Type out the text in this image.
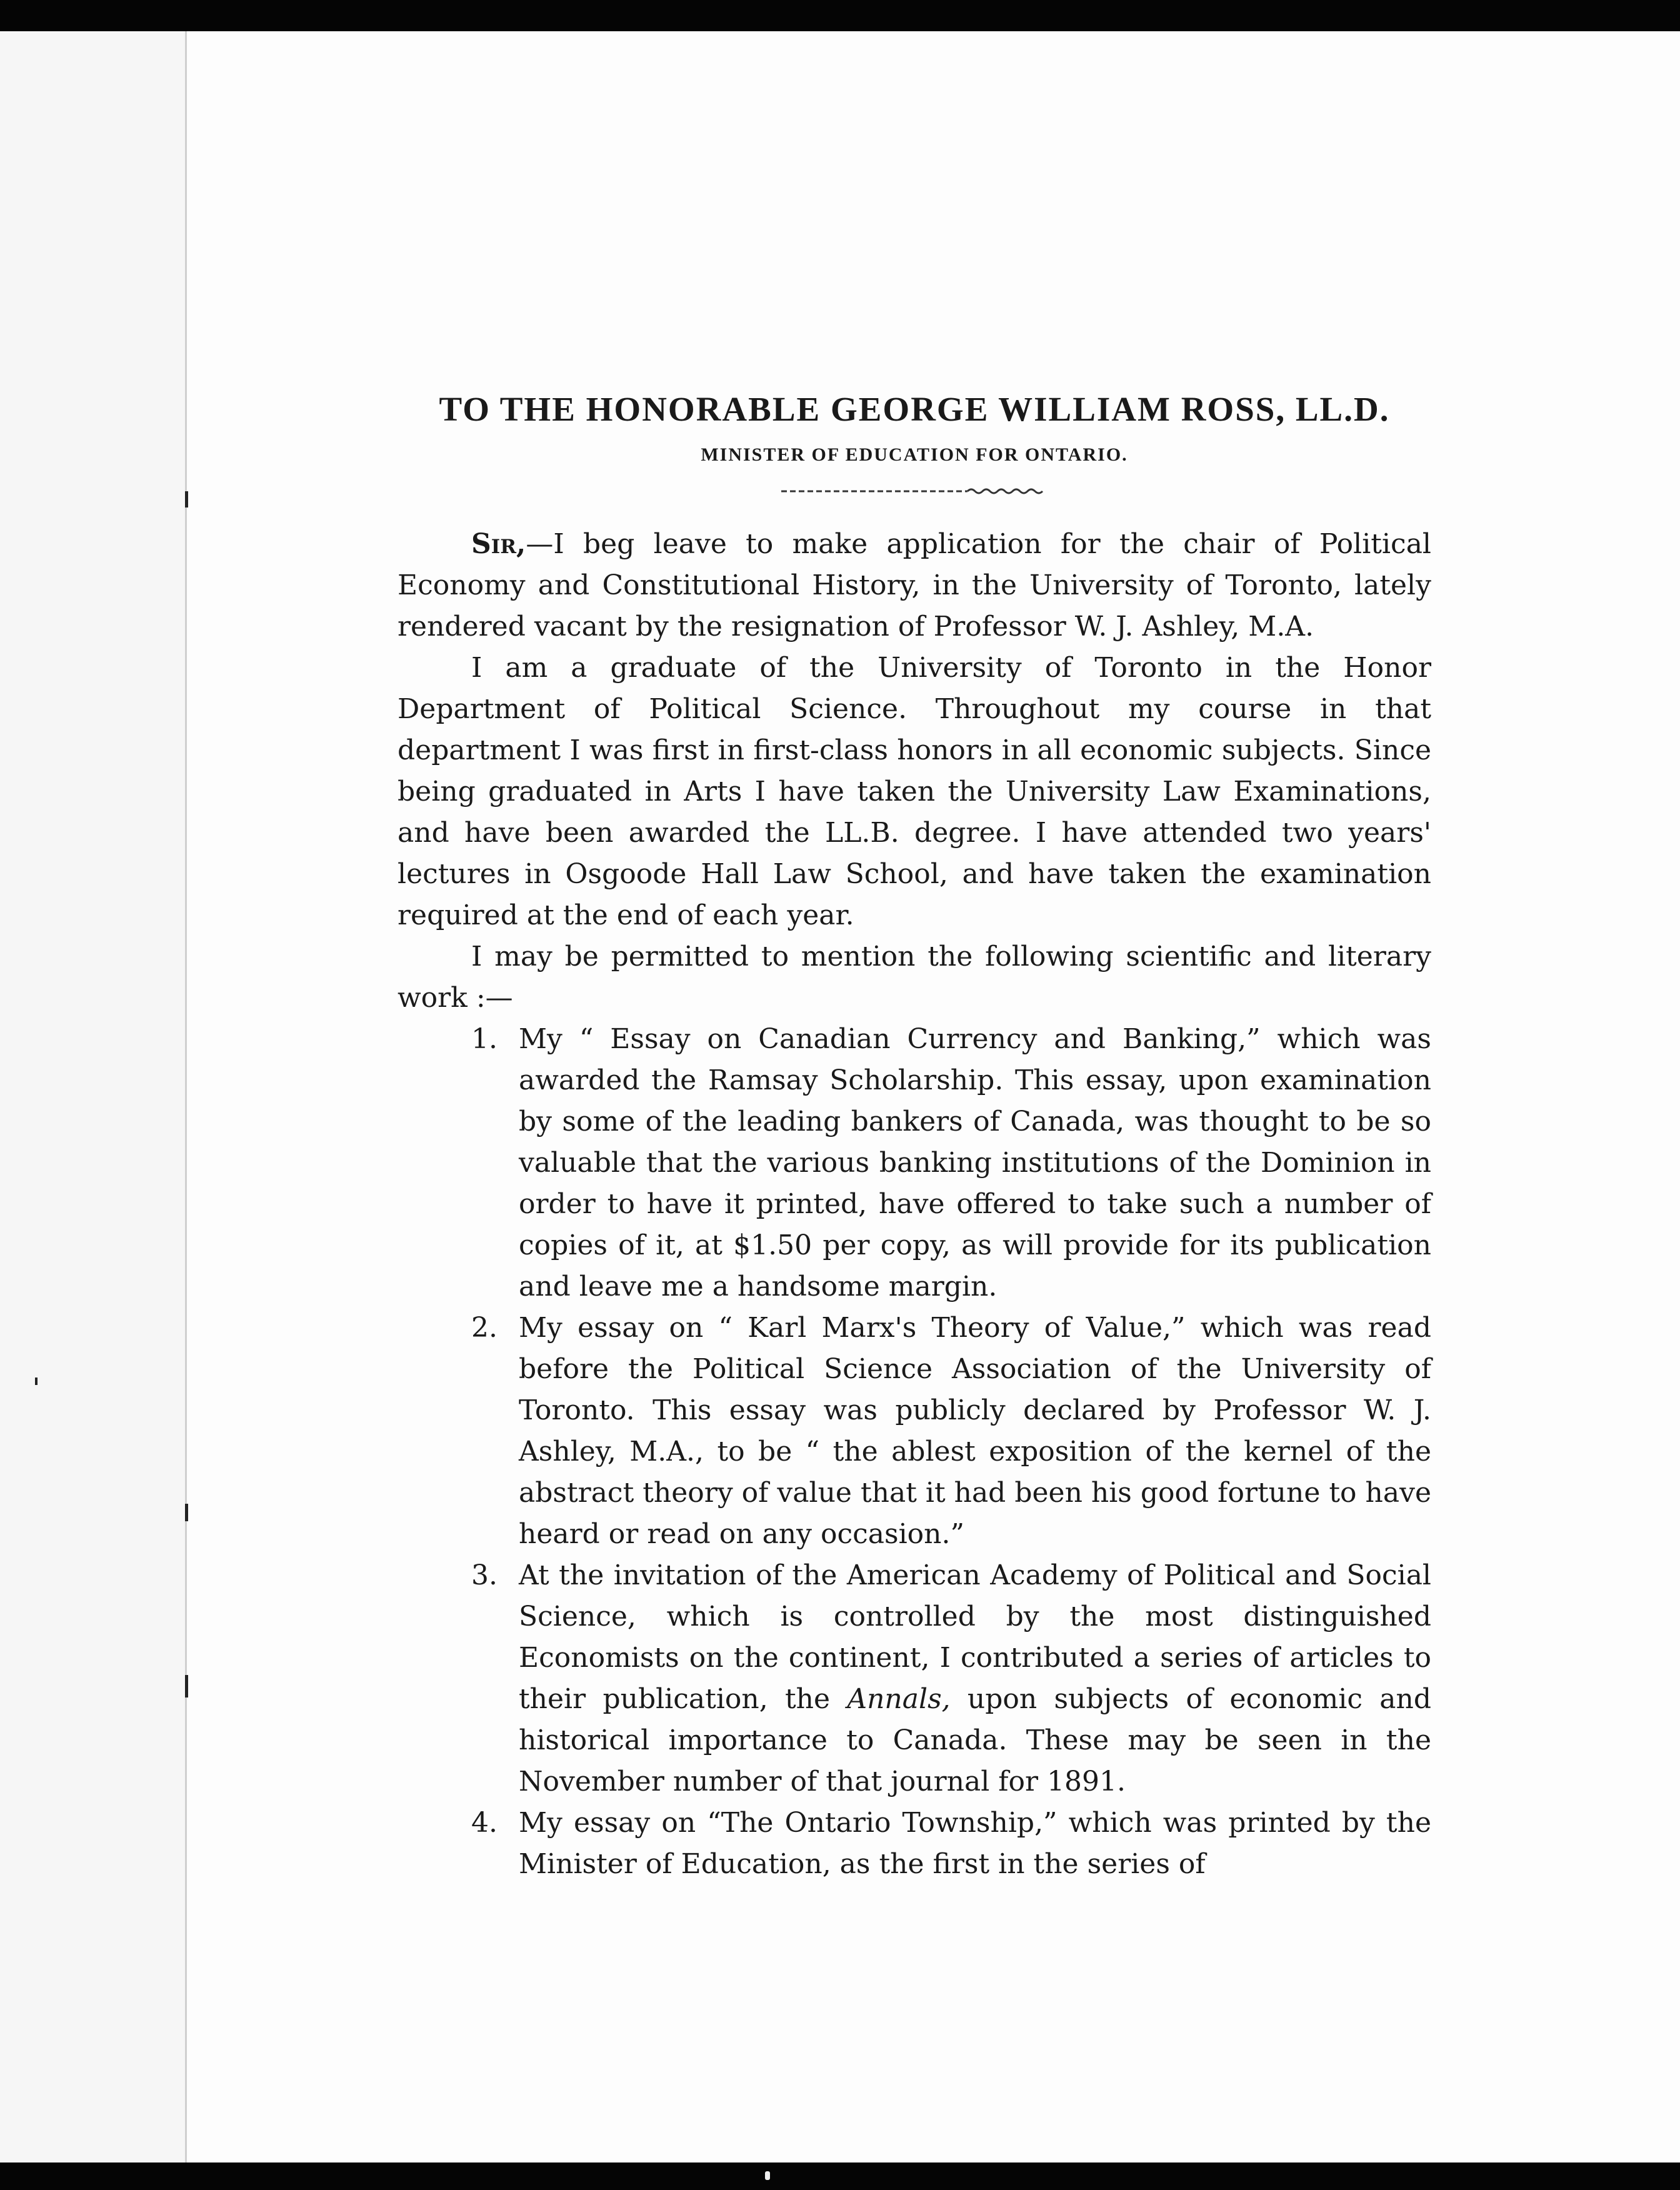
TO THE HONORABLE GEORGE WILLIAM ROSS, LL.D.

MINISTER OF EDUCATION FOR ONTARIO.

Sir,—I beg leave to make application for the chair of Political Economy and Constitutional History, in the University of Toronto, lately rendered vacant by the resignation of Professor W. J. Ashley, M.A.

I am a graduate of the University of Toronto in the Honor Department of Political Science. Throughout my course in that department I was first in first-class honors in all economic subjects. Since being graduated in Arts I have taken the University Law Examinations, and have been awarded the LL.B. degree. I have attended two years' lectures in Osgoode Hall Law School, and have taken the examination required at the end of each year.

I may be permitted to mention the following scientific and literary work :—

1. My “ Essay on Canadian Currency and Banking,” which was awarded the Ramsay Scholarship. This essay, upon examination by some of the leading bankers of Canada, was thought to be so valuable that the various banking institutions of the Dominion in order to have it printed, have offered to take such a number of copies of it, at $1.50 per copy, as will provide for its publication and leave me a handsome margin.
2. My essay on “ Karl Marx's Theory of Value,” which was read before the Political Science Association of the University of Toronto. This essay was publicly declared by Professor W. J. Ashley, M.A., to be “ the ablest exposition of the kernel of the abstract theory of value that it had been his good fortune to have heard or read on any occasion.”
3. At the invitation of the American Academy of Political and Social Science, which is controlled by the most distinguished Economists on the continent, I contributed a series of articles to their publication, the Annals, upon subjects of economic and historical importance to Canada. These may be seen in the November number of that journal for 1891.
4. My essay on “The Ontario Township,” which was printed by the Minister of Education, as the first in the series of
